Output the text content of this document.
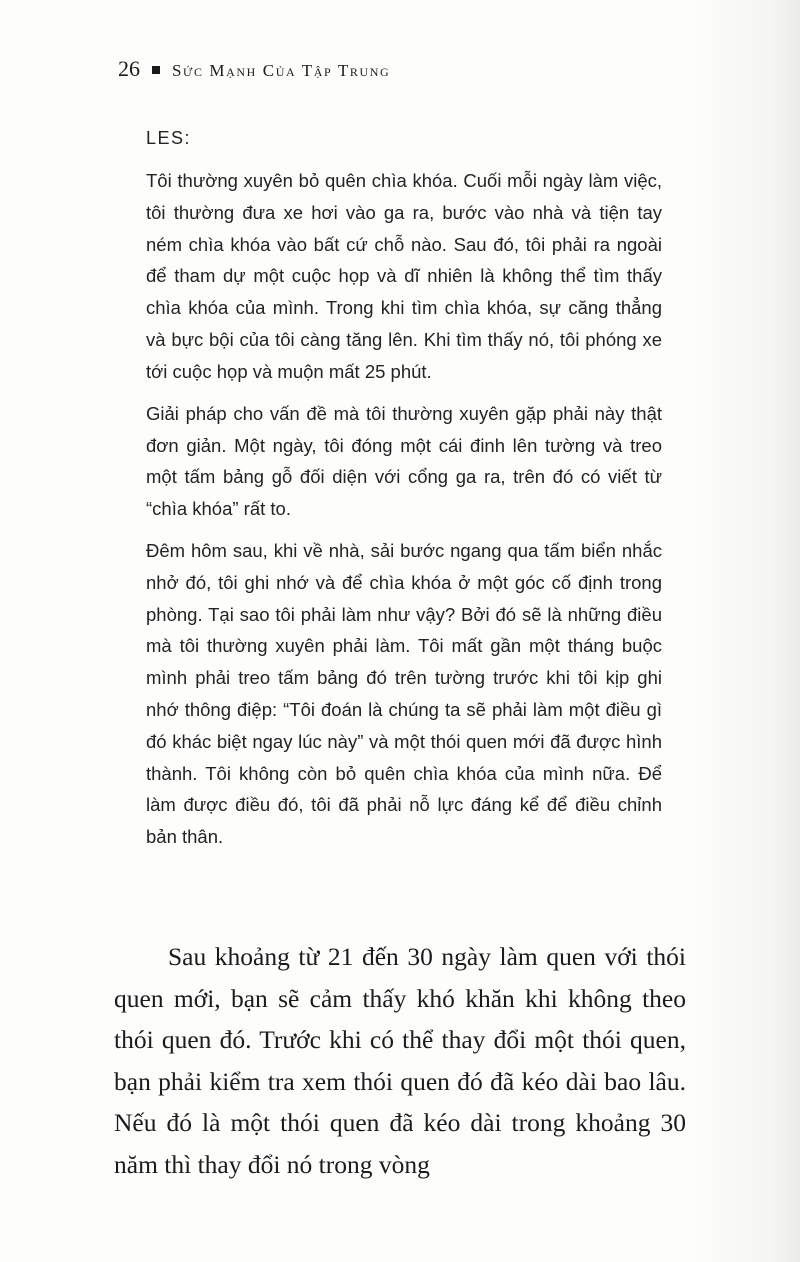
26 Sức Mạnh Của Tập Trung

LES:

Tôi thường xuyên bỏ quên chìa khóa. Cuối mỗi ngày làm việc, tôi thường đưa xe hơi vào ga ra, bước vào nhà và tiện tay ném chìa khóa vào bất cứ chỗ nào. Sau đó, tôi phải ra ngoài để tham dự một cuộc họp và dĩ nhiên là không thể tìm thấy chìa khóa của mình. Trong khi tìm chìa khóa, sự căng thẳng và bực bội của tôi càng tăng lên. Khi tìm thấy nó, tôi phóng xe tới cuộc họp và muộn mất 25 phút.

Giải pháp cho vấn đề mà tôi thường xuyên gặp phải này thật đơn giản. Một ngày, tôi đóng một cái đinh lên tường và treo một tấm bảng gỗ đối diện với cổng ga ra, trên đó có viết từ “chìa khóa” rất to.

Đêm hôm sau, khi về nhà, sải bước ngang qua tấm biển nhắc nhở đó, tôi ghi nhớ và để chìa khóa ở một góc cố định trong phòng. Tại sao tôi phải làm như vậy? Bởi đó sẽ là những điều mà tôi thường xuyên phải làm. Tôi mất gần một tháng buộc mình phải treo tấm bảng đó trên tường trước khi tôi kịp ghi nhớ thông điệp: “Tôi đoán là chúng ta sẽ phải làm một điều gì đó khác biệt ngay lúc này” và một thói quen mới đã được hình thành. Tôi không còn bỏ quên chìa khóa của mình nữa. Để làm được điều đó, tôi đã phải nỗ lực đáng kể để điều chỉnh bản thân.

Sau khoảng từ 21 đến 30 ngày làm quen với thói quen mới, bạn sẽ cảm thấy khó khăn khi không theo thói quen đó. Trước khi có thể thay đổi một thói quen, bạn phải kiểm tra xem thói quen đó đã kéo dài bao lâu. Nếu đó là một thói quen đã kéo dài trong khoảng 30 năm thì thay đổi nó trong vòng
